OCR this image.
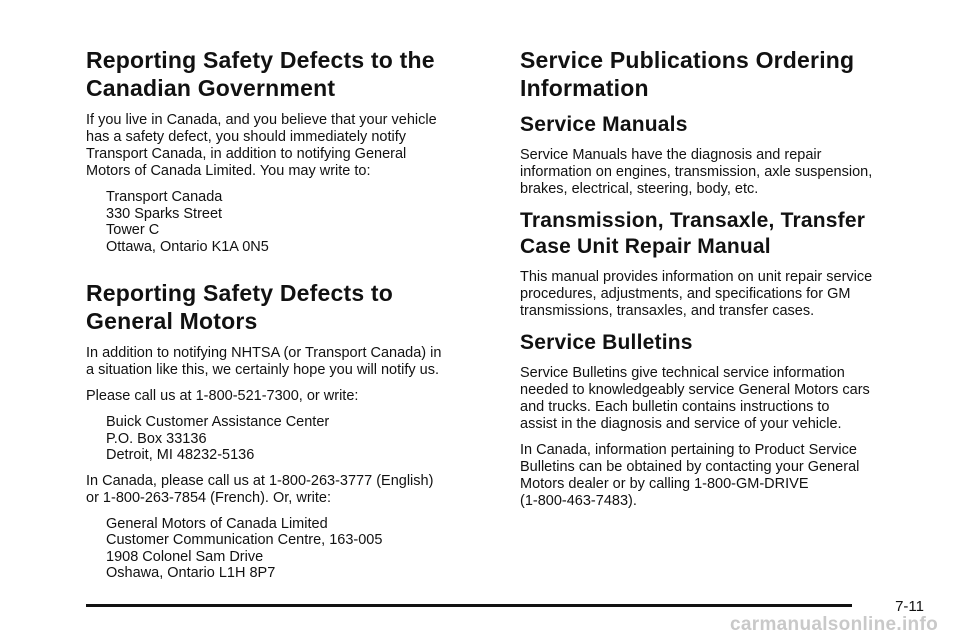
Reporting Safety Defects to the
Canadian Government

If you live in Canada, and you believe that your vehicle
has a safety defect, you should immediately notify
Transport Canada, in addition to notifying General
Motors of Canada Limited. You may write to:

Transport Canada
330 Sparks Street
Tower C
Ottawa, Ontario K1A 0N5
Reporting Safety Defects to
General Motors

In addition to notifying NHTSA (or Transport Canada) in
a situation like this, we certainly hope you will notify us.

Please call us at 1-800-521-7300, or write:

Buick Customer Assistance Center
P.O. Box 33136
Detroit, MI 48232-5136

In Canada, please call us at 1-800-263-3777 (English)
or 1-800-263-7854 (French). Or, write:

General Motors of Canada Limited
Customer Communication Centre, 163-005
1908 Colonel Sam Drive
Oshawa, Ontario L1H 8P7
Service Publications Ordering
Information
Service Manuals

Service Manuals have the diagnosis and repair
information on engines, transmission, axle suspension,
brakes, electrical, steering, body, etc.

Transmission, Transaxle, Transfer
Case Unit Repair Manual

This manual provides information on unit repair service
procedures, adjustments, and specifications for GM
transmissions, transaxles, and transfer cases.

Service Bulletins

Service Bulletins give technical service information
needed to knowledgeably service General Motors cars
and trucks. Each bulletin contains instructions to
assist in the diagnosis and service of your vehicle.

In Canada, information pertaining to Product Service
Bulletins can be obtained by contacting your General
Motors dealer or by calling 1-800-GM-DRIVE
(1-800-463-7483).

7-11
carmanualsonline.info
